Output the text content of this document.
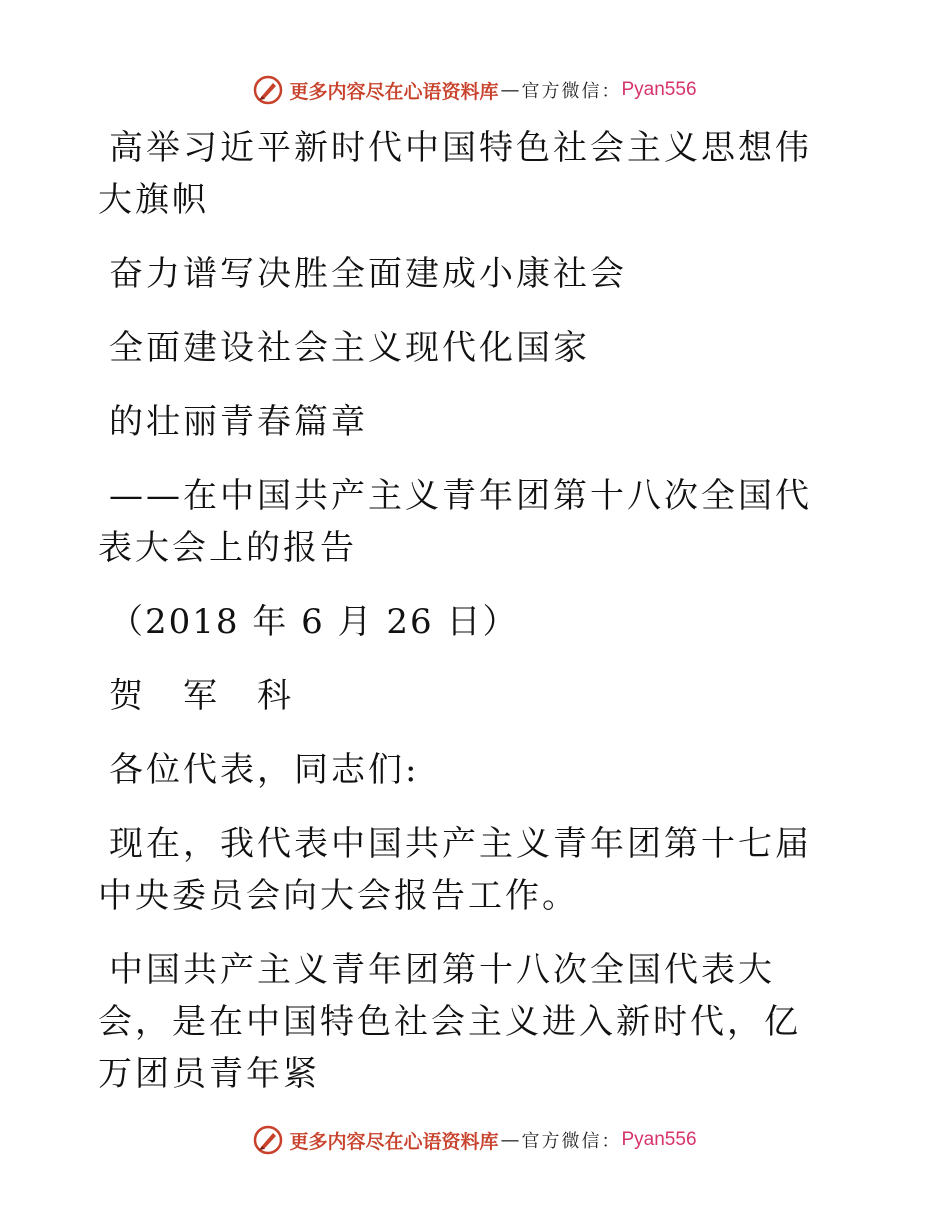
更多内容尽在心语资料库 — 官方微信： Pyan556

高举习近平新时代中国特色社会主义思想伟大旗帜

奋力谱写决胜全面建成小康社会

全面建设社会主义现代化国家

的壮丽青春篇章

——在中国共产主义青年团第十八次全国代表大会上的报告

（2018 年 6 月 26 日）

贺　军　科

各位代表，同志们:

现在，我代表中国共产主义青年团第十七届中央委员会向大会报告工作。

中国共产主义青年团第十八次全国代表大会，是在中国特色社会主义进入新时代，亿万团员青年紧

更多内容尽在心语资料库 — 官方微信： Pyan556
